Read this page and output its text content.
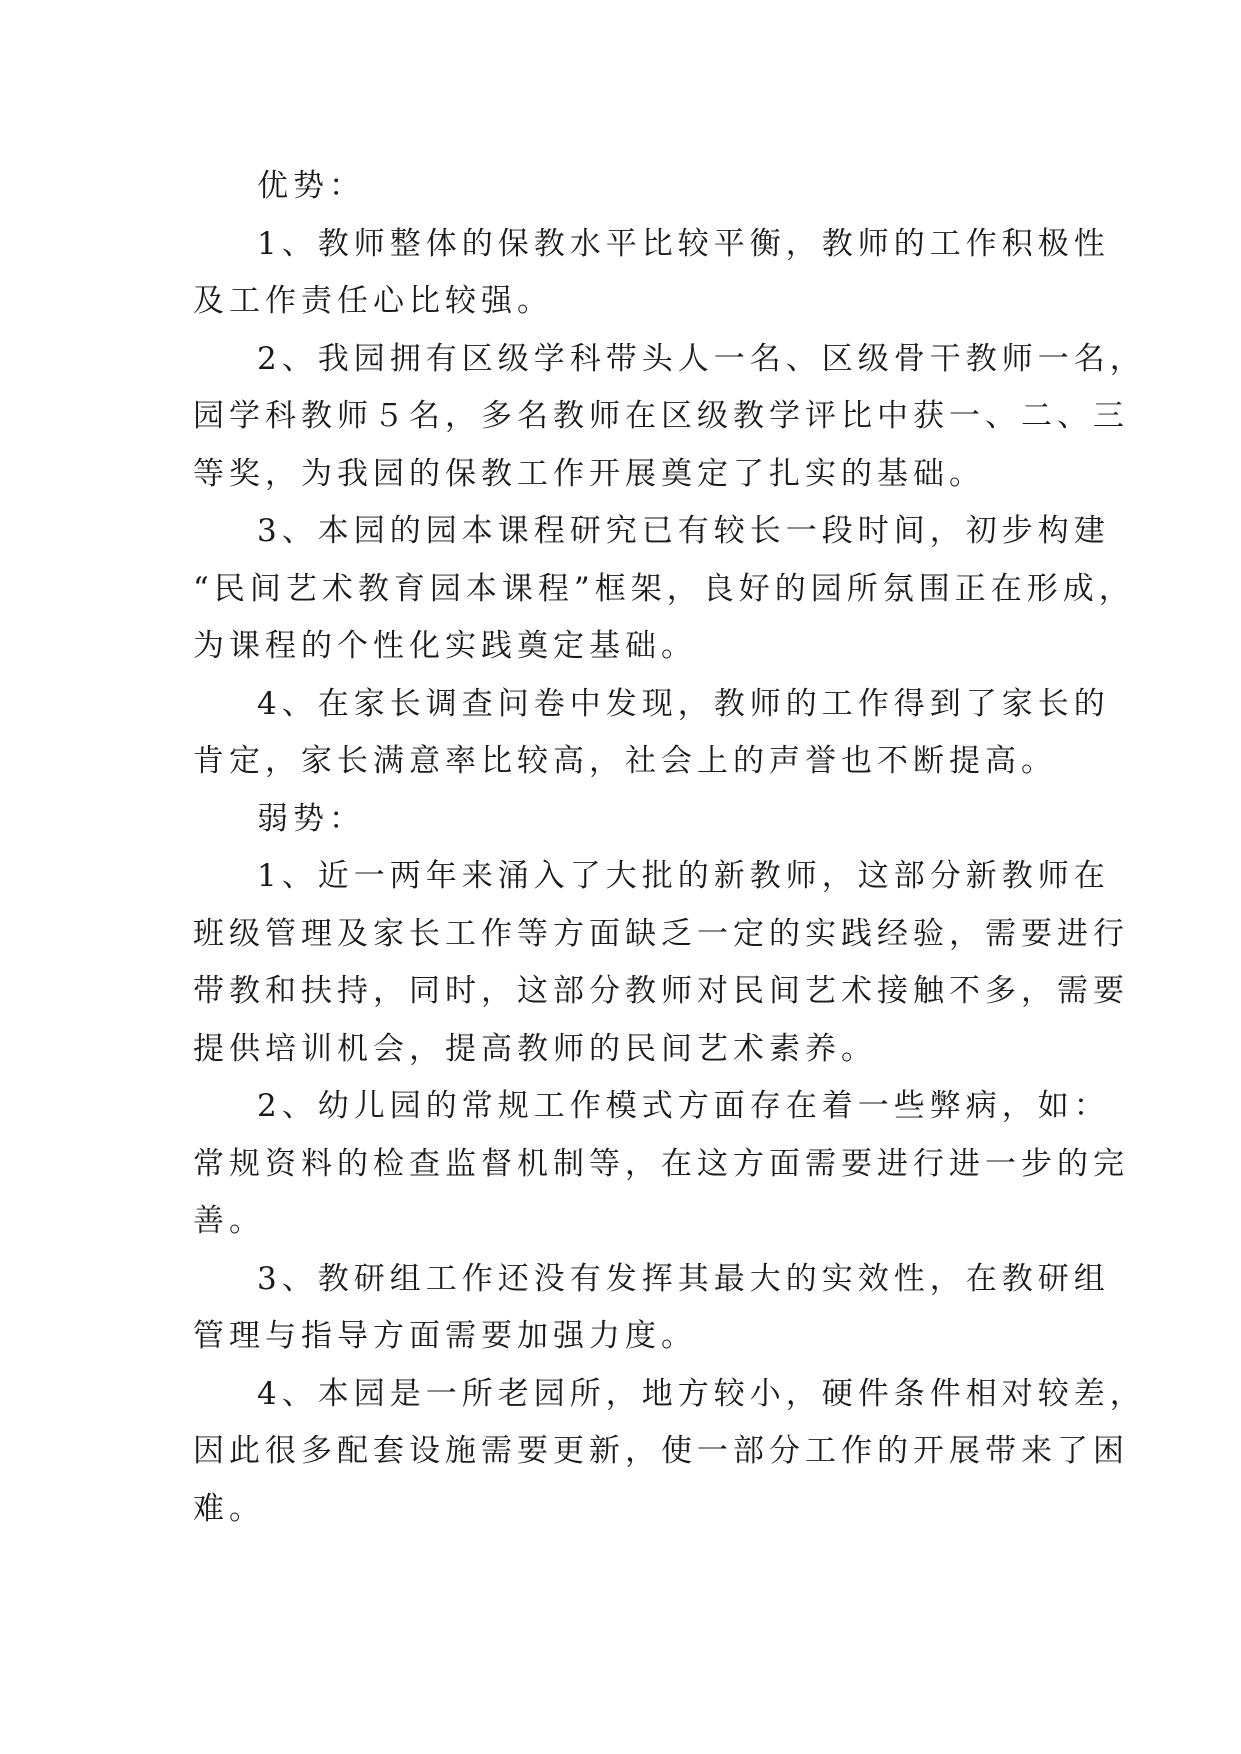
优势：
1、教师整体的保教水平比较平衡，教师的工作积极性
及工作责任心比较强。
2、我园拥有区级学科带头人一名、区级骨干教师一名，
园学科教师５名，多名教师在区级教学评比中获一、二、三
等奖，为我园的保教工作开展奠定了扎实的基础。
3、本园的园本课程研究已有较长一段时间，初步构建
“民间艺术教育园本课程”框架，良好的园所氛围正在形成，
为课程的个性化实践奠定基础。
4、在家长调查问卷中发现，教师的工作得到了家长的
肯定，家长满意率比较高，社会上的声誉也不断提高。
弱势：
1、近一两年来涌入了大批的新教师，这部分新教师在
班级管理及家长工作等方面缺乏一定的实践经验，需要进行
带教和扶持，同时，这部分教师对民间艺术接触不多，需要
提供培训机会，提高教师的民间艺术素养。
2、幼儿园的常规工作模式方面存在着一些弊病，如：
常规资料的检查监督机制等，在这方面需要进行进一步的完
善。
3、教研组工作还没有发挥其最大的实效性，在教研组
管理与指导方面需要加强力度。
4、本园是一所老园所，地方较小，硬件条件相对较差，
因此很多配套设施需要更新，使一部分工作的开展带来了困
难。
